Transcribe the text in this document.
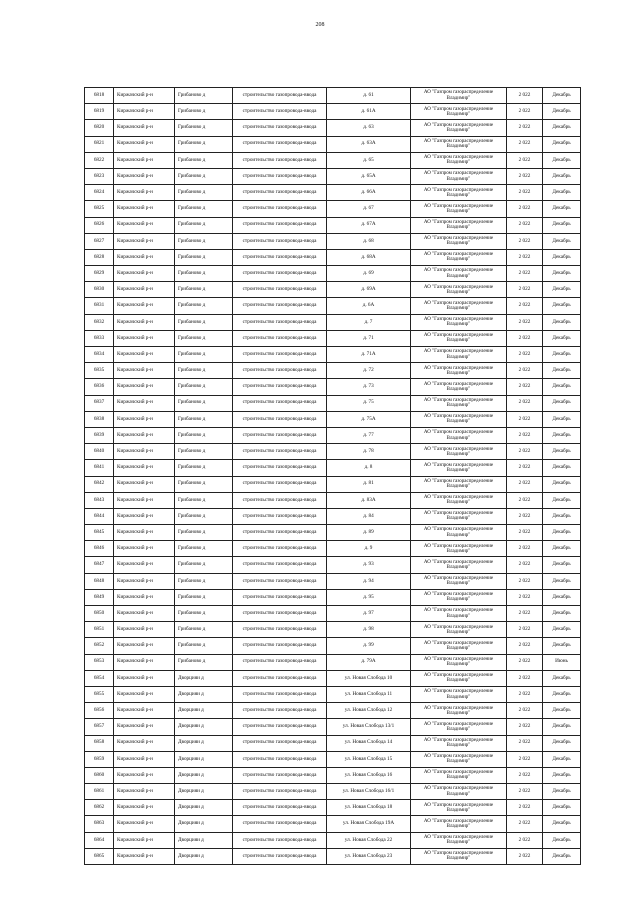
208
6818	Киржачский р-н	Грибаново д	строительство газопровода-ввода	д. 61	АО "Газпром газораспределение Владимир"	2 022	Декабрь
6819	Киржачский р-н	Грибаново д	строительство газопровода-ввода	д. 61А	АО "Газпром газораспределение Владимир"	2 022	Декабрь
6820	Киржачский р-н	Грибаново д	строительство газопровода-ввода	д. 63	АО "Газпром газораспределение Владимир"	2 022	Декабрь
6821	Киржачский р-н	Грибаново д	строительство газопровода-ввода	д. 63А	АО "Газпром газораспределение Владимир"	2 022	Декабрь
6822	Киржачский р-н	Грибаново д	строительство газопровода-ввода	д. 65	АО "Газпром газораспределение Владимир"	2 022	Декабрь
6823	Киржачский р-н	Грибаново д	строительство газопровода-ввода	д. 65А	АО "Газпром газораспределение Владимир"	2 022	Декабрь
6824	Киржачский р-н	Грибаново д	строительство газопровода-ввода	д. 66А	АО "Газпром газораспределение Владимир"	2 022	Декабрь
6825	Киржачский р-н	Грибаново д	строительство газопровода-ввода	д. 67	АО "Газпром газораспределение Владимир"	2 022	Декабрь
6826	Киржачский р-н	Грибаново д	строительство газопровода-ввода	д. 67А	АО "Газпром газораспределение Владимир"	2 022	Декабрь
6827	Киржачский р-н	Грибаново д	строительство газопровода-ввода	д. 68	АО "Газпром газораспределение Владимир"	2 022	Декабрь
6828	Киржачский р-н	Грибаново д	строительство газопровода-ввода	д. 68А	АО "Газпром газораспределение Владимир"	2 022	Декабрь
6829	Киржачский р-н	Грибаново д	строительство газопровода-ввода	д. 69	АО "Газпром газораспределение Владимир"	2 022	Декабрь
6830	Киржачский р-н	Грибаново д	строительство газопровода-ввода	д. 69А	АО "Газпром газораспределение Владимир"	2 022	Декабрь
6831	Киржачский р-н	Грибаново д	строительство газопровода-ввода	д. 6А	АО "Газпром газораспределение Владимир"	2 022	Декабрь
6832	Киржачский р-н	Грибаново д	строительство газопровода-ввода	д. 7	АО "Газпром газораспределение Владимир"	2 022	Декабрь
6833	Киржачский р-н	Грибаново д	строительство газопровода-ввода	д. 71	АО "Газпром газораспределение Владимир"	2 022	Декабрь
6834	Киржачский р-н	Грибаново д	строительство газопровода-ввода	д. 71А	АО "Газпром газораспределение Владимир"	2 022	Декабрь
6835	Киржачский р-н	Грибаново д	строительство газопровода-ввода	д. 72	АО "Газпром газораспределение Владимир"	2 022	Декабрь
6836	Киржачский р-н	Грибаново д	строительство газопровода-ввода	д. 73	АО "Газпром газораспределение Владимир"	2 022	Декабрь
6837	Киржачский р-н	Грибаново д	строительство газопровода-ввода	д. 75	АО "Газпром газораспределение Владимир"	2 022	Декабрь
6838	Киржачский р-н	Грибаново д	строительство газопровода-ввода	д. 75А	АО "Газпром газораспределение Владимир"	2 022	Декабрь
6839	Киржачский р-н	Грибаново д	строительство газопровода-ввода	д. 77	АО "Газпром газораспределение Владимир"	2 022	Декабрь
6840	Киржачский р-н	Грибаново д	строительство газопровода-ввода	д. 78	АО "Газпром газораспределение Владимир"	2 022	Декабрь
6841	Киржачский р-н	Грибаново д	строительство газопровода-ввода	д. 8	АО "Газпром газораспределение Владимир"	2 022	Декабрь
6842	Киржачский р-н	Грибаново д	строительство газопровода-ввода	д. 81	АО "Газпром газораспределение Владимир"	2 022	Декабрь
6843	Киржачский р-н	Грибаново д	строительство газопровода-ввода	д. 83А	АО "Газпром газораспределение Владимир"	2 022	Декабрь
6844	Киржачский р-н	Грибаново д	строительство газопровода-ввода	д. 84	АО "Газпром газораспределение Владимир"	2 022	Декабрь
6845	Киржачский р-н	Грибаново д	строительство газопровода-ввода	д. 89	АО "Газпром газораспределение Владимир"	2 022	Декабрь
6846	Киржачский р-н	Грибаново д	строительство газопровода-ввода	д. 9	АО "Газпром газораспределение Владимир"	2 022	Декабрь
6847	Киржачский р-н	Грибаново д	строительство газопровода-ввода	д. 93	АО "Газпром газораспределение Владимир"	2 022	Декабрь
6848	Киржачский р-н	Грибаново д	строительство газопровода-ввода	д. 94	АО "Газпром газораспределение Владимир"	2 022	Декабрь
6849	Киржачский р-н	Грибаново д	строительство газопровода-ввода	д. 95	АО "Газпром газораспределение Владимир"	2 022	Декабрь
6850	Киржачский р-н	Грибаново д	строительство газопровода-ввода	д. 97	АО "Газпром газораспределение Владимир"	2 022	Декабрь
6851	Киржачский р-н	Грибаново д	строительство газопровода-ввода	д. 98	АО "Газпром газораспределение Владимир"	2 022	Декабрь
6852	Киржачский р-н	Грибаново д	строительство газопровода-ввода	д. 99	АО "Газпром газораспределение Владимир"	2 022	Декабрь
6853	Киржачский р-н	Грибаново д	строительство газопровода-ввода	д. 79А	АО "Газпром газораспределение Владимир"	2 022	Июнь
6854	Киржачский р-н	Дворцияи д	строительство газопровода-ввода	ул. Новая Слобода 10	АО "Газпром газораспределение Владимир"	2 022	Декабрь
6855	Киржачский р-н	Дворцияи д	строительство газопровода-ввода	ул. Новая Слобода 11	АО "Газпром газораспределение Владимир"	2 022	Декабрь
6856	Киржачский р-н	Дворцияи д	строительство газопровода-ввода	ул. Новая Слобода 12	АО "Газпром газораспределение Владимир"	2 022	Декабрь
6857	Киржачский р-н	Дворцияи д	строительство газопровода-ввода	ул. Новая Слобода 13/1	АО "Газпром газораспределение Владимир"	2 022	Декабрь
6858	Киржачский р-н	Дворцияи д	строительство газопровода-ввода	ул. Новая Слобода 14	АО "Газпром газораспределение Владимир"	2 022	Декабрь
6859	Киржачский р-н	Дворцияи д	строительство газопровода-ввода	ул. Новая Слобода 15	АО "Газпром газораспределение Владимир"	2 022	Декабрь
6860	Киржачский р-н	Дворцияи д	строительство газопровода-ввода	ул. Новая Слобода 16	АО "Газпром газораспределение Владимир"	2 022	Декабрь
6861	Киржачский р-н	Дворцияи д	строительство газопровода-ввода	ул. Новая Слобода 16/1	АО "Газпром газораспределение Владимир"	2 022	Декабрь
6862	Киржачский р-н	Дворцияи д	строительство газопровода-ввода	ул. Новая Слобода 18	АО "Газпром газораспределение Владимир"	2 022	Декабрь
6863	Киржачский р-н	Дворцияи д	строительство газопровода-ввода	ул. Новая Слобода 19А	АО "Газпром газораспределение Владимир"	2 022	Декабрь
6864	Киржачский р-н	Дворцияи д	строительство газопровода-ввода	ул. Новая Слобода 22	АО "Газпром газораспределение Владимир"	2 022	Декабрь
6865	Киржачский р-н	Дворцияи д	строительство газопровода-ввода	ул. Новая Слобода 23	АО "Газпром газораспределение Владимир"	2 022	Декабрь
